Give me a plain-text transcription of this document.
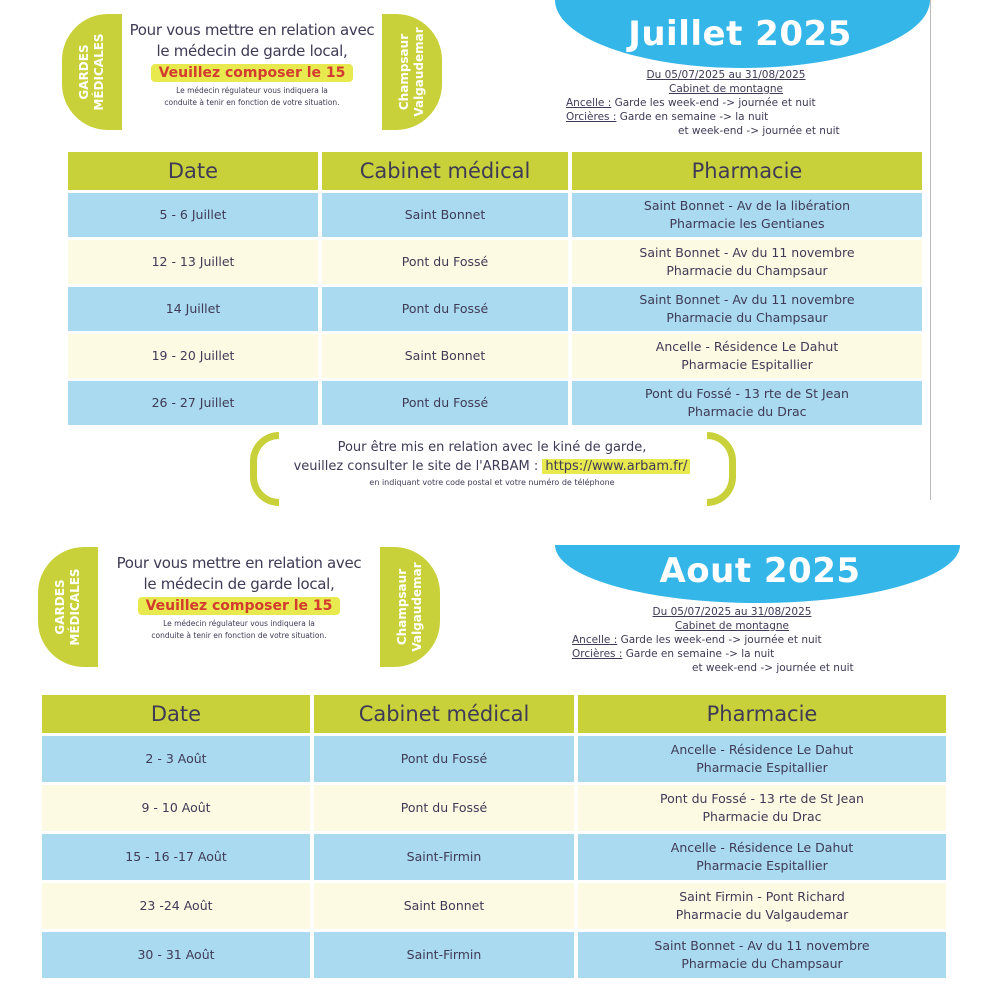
GARDES MÉDICALES	Champsaur Valgaudemar
Pour vous mettre en relation avec
le médecin de garde local,
Veuillez composer le 15
Le médecin régulateur vous indiquera la
conduite à tenir en fonction de votre situation.
Juillet 2025
Du 05/07/2025 au 31/08/2025
Cabinet de montagne
Ancelle : Garde les week-end -> journée et nuit
Orcières : Garde en semaine -> la nuit
et week-end -> journée et nuit
Date	Cabinet médical	Pharmacie
5 - 6 Juillet	Saint Bonnet	Saint Bonnet - Av de la libération
Pharmacie les Gentianes

12 - 13 Juillet	Pont du Fossé	Saint Bonnet - Av du 11 novembre
Pharmacie du Champsaur

14 Juillet	Pont du Fossé	Saint Bonnet - Av du 11 novembre
Pharmacie du Champsaur

19 - 20 Juillet	Saint Bonnet	Ancelle - Résidence Le Dahut
Pharmacie Espitallier

26 - 27 Juillet	Pont du Fossé	Pont du Fossé - 13 rte de St Jean
Pharmacie du Drac
Pour être mis en relation avec le kiné de garde,
veuillez consulter le site de l'ARBAM : https://www.arbam.fr/
en indiquant votre code postal et votre numéro de téléphone
GARDES MÉDICALES	Champsaur Valgaudemar
Pour vous mettre en relation avec
le médecin de garde local,
Veuillez composer le 15
Le médecin régulateur vous indiquera la
conduite à tenir en fonction de votre situation.
Aout 2025
Du 05/07/2025 au 31/08/2025
Cabinet de montagne
Ancelle : Garde les week-end -> journée et nuit
Orcières : Garde en semaine -> la nuit
et week-end -> journée et nuit
Date	Cabinet médical	Pharmacie
2 - 3 Août	Pont du Fossé	Ancelle - Résidence Le Dahut
Pharmacie Espitallier

9 - 10 Août	Pont du Fossé	Pont du Fossé - 13 rte de St Jean
Pharmacie du Drac

15 - 16 -17 Août	Saint-Firmin	Ancelle - Résidence Le Dahut
Pharmacie Espitallier

23 -24 Août	Saint Bonnet	Saint Firmin - Pont Richard
Pharmacie du Valgaudemar

30 - 31 Août	Saint-Firmin	Saint Bonnet - Av du 11 novembre
Pharmacie du Champsaur
